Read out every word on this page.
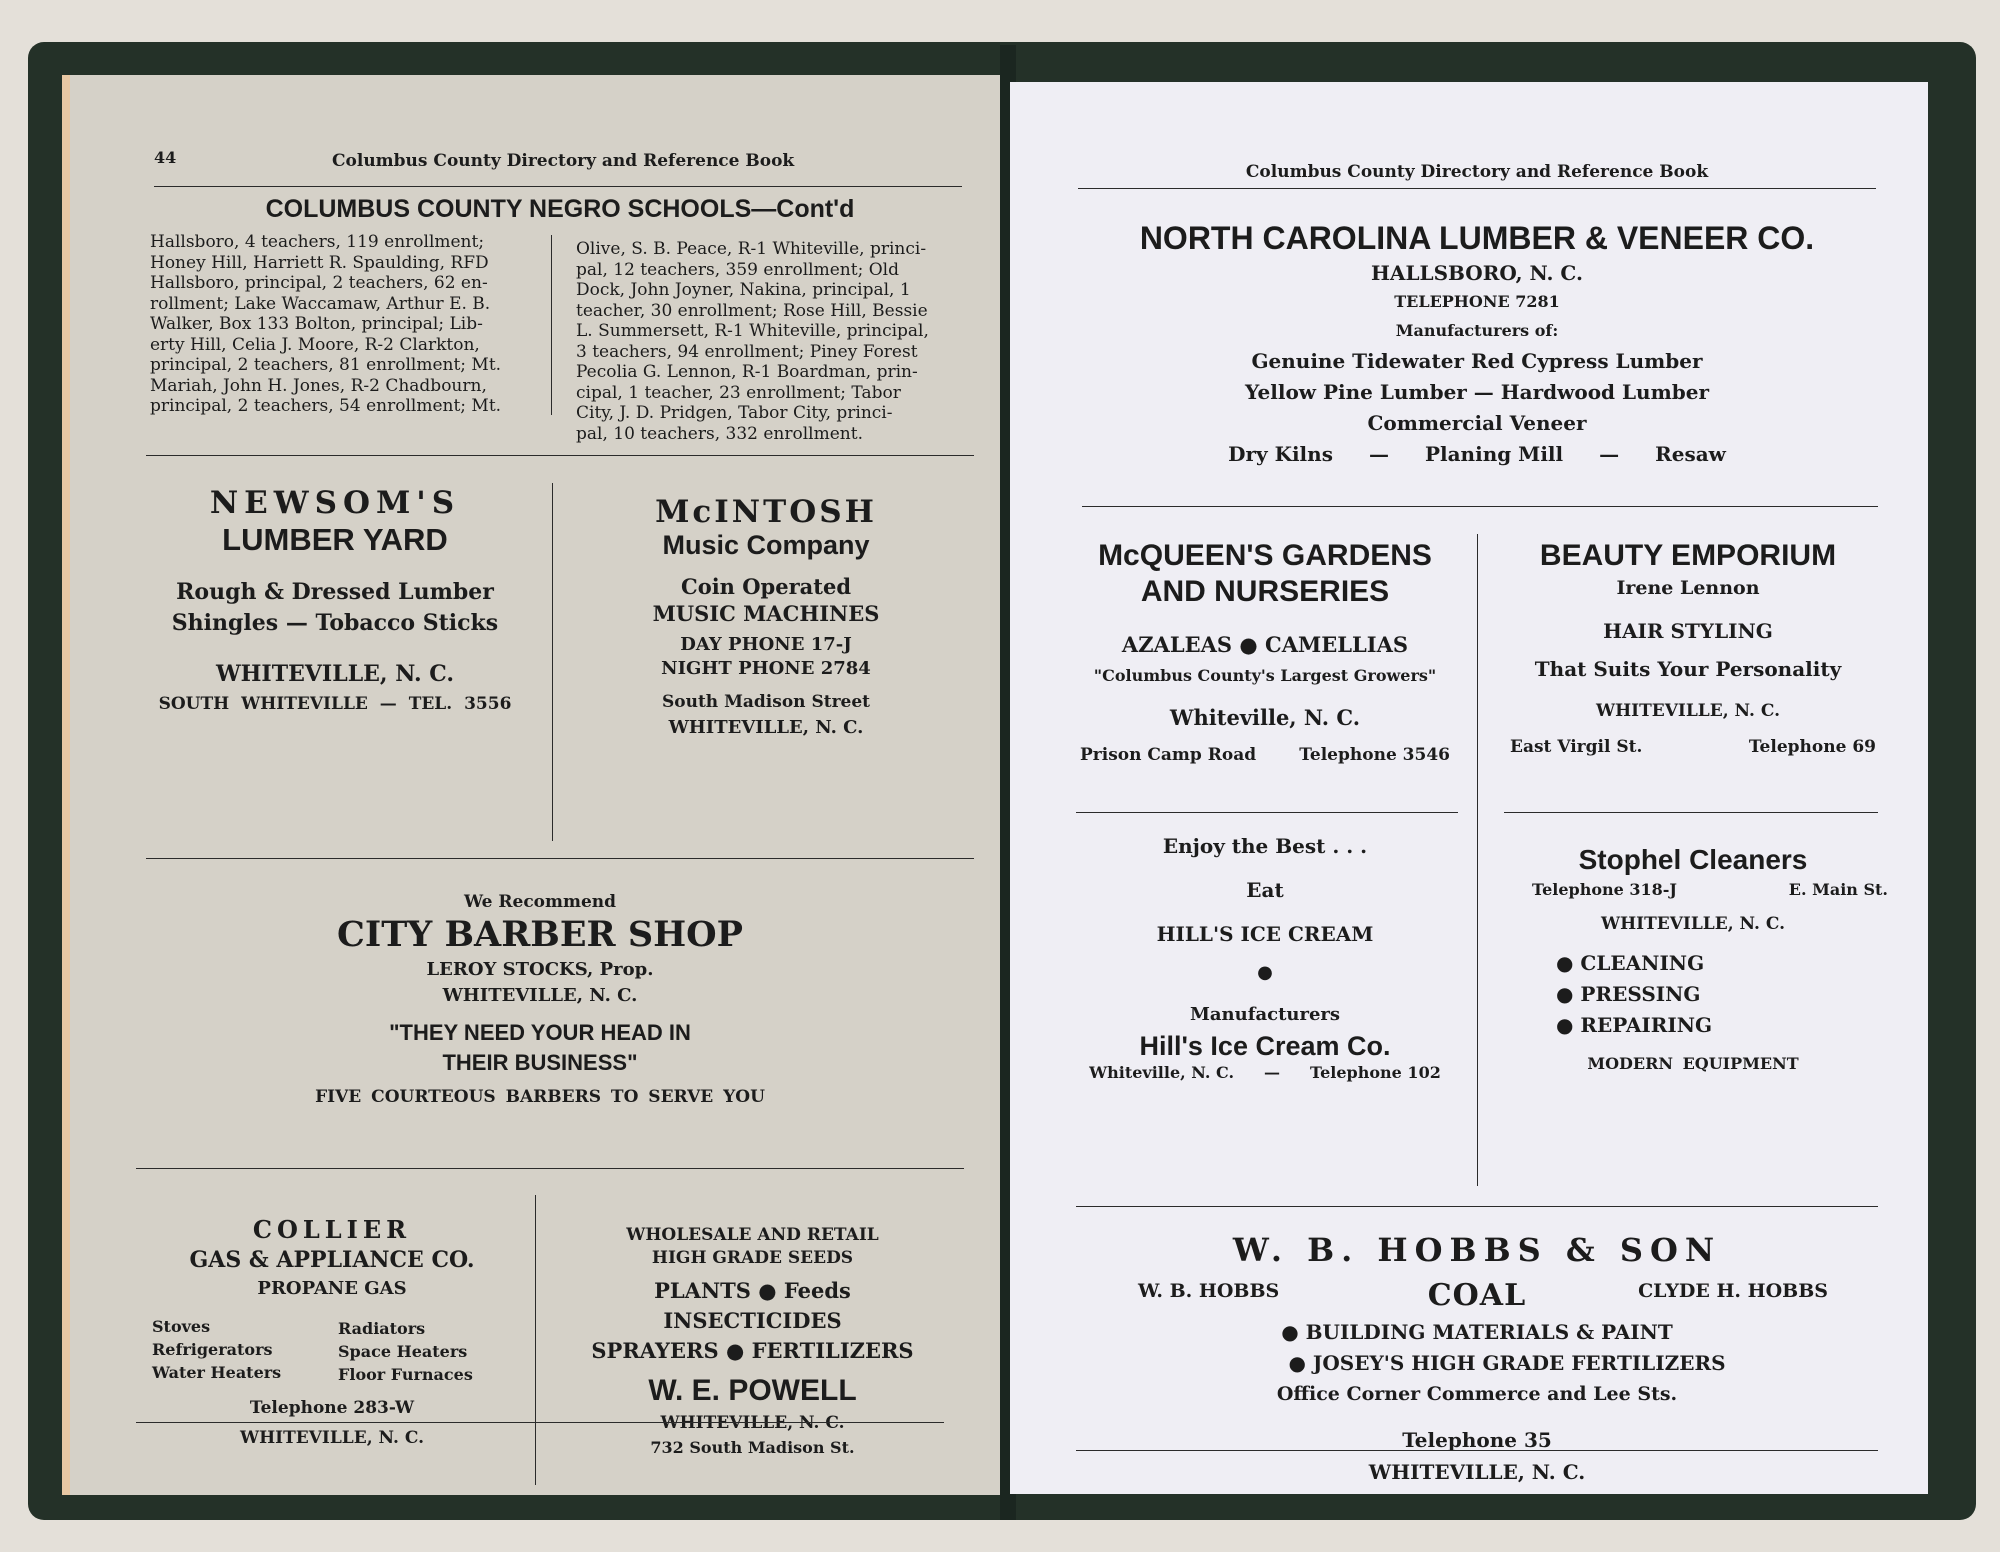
44	Columbus County Directory and Reference Book
COLUMBUS COUNTY NEGRO SCHOOLS—Cont'd
Hallsboro, 4 teachers, 119 enrollment;
Honey Hill, Harriett R. Spaulding, RFD
Hallsboro, principal, 2 teachers, 62 en-
rollment; Lake Waccamaw, Arthur E. B.
Walker, Box 133 Bolton, principal; Lib-
erty Hill, Celia J. Moore, R-2 Clarkton,
principal, 2 teachers, 81 enrollment; Mt.
Mariah, John H. Jones, R-2 Chadbourn,
principal, 2 teachers, 54 enrollment; Mt.
Olive, S. B. Peace, R-1 Whiteville, princi-
pal, 12 teachers, 359 enrollment; Old
Dock, John Joyner, Nakina, principal, 1
teacher, 30 enrollment; Rose Hill, Bessie
L. Summersett, R-1 Whiteville, principal,
3 teachers, 94 enrollment; Piney Forest
Pecolia G. Lennon, R-1 Boardman, prin-
cipal, 1 teacher, 23 enrollment; Tabor
City, J. D. Pridgen, Tabor City, princi-
pal, 10 teachers, 332 enrollment.
NEWSOM'S
LUMBER YARD
Rough & Dressed Lumber
Shingles — Tobacco Sticks
WHITEVILLE, N. C.
SOUTH WHITEVILLE — TEL. 3556
McINTOSH
Music Company
Coin Operated
MUSIC MACHINES
DAY PHONE 17-J
NIGHT PHONE 2784
South Madison Street
WHITEVILLE, N. C.
We Recommend
CITY BARBER SHOP
LEROY STOCKS, Prop.
WHITEVILLE, N. C.
"THEY NEED YOUR HEAD IN
THEIR BUSINESS"
FIVE COURTEOUS BARBERS TO SERVE YOU
COLLIER
GAS & APPLIANCE CO.
PROPANE GAS
Stoves
Refrigerators
Water Heaters
Radiators
Space Heaters
Floor Furnaces
Telephone 283-W
WHITEVILLE, N. C.
WHOLESALE AND RETAIL
HIGH GRADE SEEDS
PLANTS ● Feeds
INSECTICIDES
SPRAYERS ● FERTILIZERS
W. E. POWELL
WHITEVILLE, N. C.
732 South Madison St.
Columbus County Directory and Reference Book
NORTH CAROLINA LUMBER & VENEER CO.
HALLSBORO, N. C.
TELEPHONE 7281
Manufacturers of:
Genuine Tidewater Red Cypress Lumber
Yellow Pine Lumber — Hardwood Lumber
Commercial Veneer
Dry Kilns — Planing Mill — Resaw
McQUEEN'S GARDENS
AND NURSERIES
AZALEAS ● CAMELLIAS
"Columbus County's Largest Growers"
Whiteville, N. C.
Prison Camp Road	Telephone 3546
BEAUTY EMPORIUM
Irene Lennon
HAIR STYLING
That Suits Your Personality
WHITEVILLE, N. C.
East Virgil St.	Telephone 69
Enjoy the Best . . .
Eat
HILL'S ICE CREAM
●
Manufacturers
Hill's Ice Cream Co.
Whiteville, N. C. — Telephone 102
Stophel Cleaners
Telephone 318-J	E. Main St.
WHITEVILLE, N. C.
● CLEANING
● PRESSING
● REPAIRING
MODERN EQUIPMENT
W. B. HOBBS & SON
W. B. HOBBS	COAL	CLYDE H. HOBBS
● BUILDING MATERIALS & PAINT
● JOSEY'S HIGH GRADE FERTILIZERS
Office Corner Commerce and Lee Sts.
Telephone 35
WHITEVILLE, N. C.
